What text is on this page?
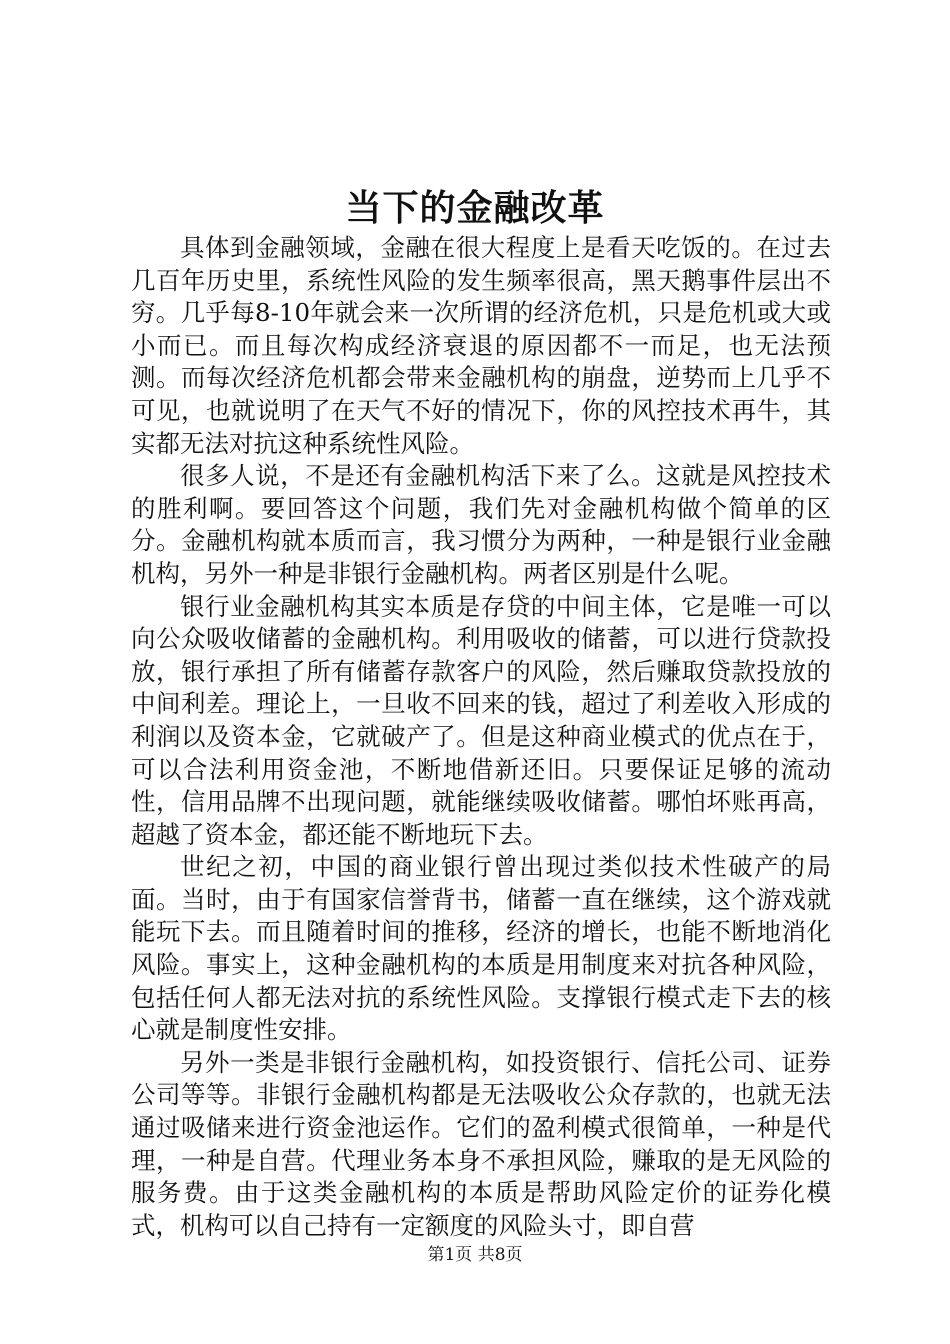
当下的金融改革

具体到金融领域，金融在很大程度上是看天吃饭的。在过去几百年历史里，系统性风险的发生频率很高，黑天鹅事件层出不穷。几乎每8-10年就会来一次所谓的经济危机，只是危机或大或小而已。而且每次构成经济衰退的原因都不一而足，也无法预测。而每次经济危机都会带来金融机构的崩盘，逆势而上几乎不可见，也就说明了在天气不好的情况下，你的风控技术再牛，其实都无法对抗这种系统性风险。

很多人说，不是还有金融机构活下来了么。这就是风控技术的胜利啊。要回答这个问题，我们先对金融机构做个简单的区分。金融机构就本质而言，我习惯分为两种，一种是银行业金融机构，另外一种是非银行金融机构。两者区别是什么呢。

银行业金融机构其实本质是存贷的中间主体，它是唯一可以向公众吸收储蓄的金融机构。利用吸收的储蓄，可以进行贷款投放，银行承担了所有储蓄存款客户的风险，然后赚取贷款投放的中间利差。理论上，一旦收不回来的钱，超过了利差收入形成的利润以及资本金，它就破产了。但是这种商业模式的优点在于，可以合法利用资金池，不断地借新还旧。只要保证足够的流动性，信用品牌不出现问题，就能继续吸收储蓄。哪怕坏账再高，超越了资本金，都还能不断地玩下去。

世纪之初，中国的商业银行曾出现过类似技术性破产的局面。当时，由于有国家信誉背书，储蓄一直在继续，这个游戏就能玩下去。而且随着时间的推移，经济的增长，也能不断地消化风险。事实上，这种金融机构的本质是用制度来对抗各种风险，包括任何人都无法对抗的系统性风险。支撑银行模式走下去的核心就是制度性安排。

另外一类是非银行金融机构，如投资银行、信托公司、证券公司等等。非银行金融机构都是无法吸收公众存款的，也就无法通过吸储来进行资金池运作。它们的盈利模式很简单，一种是代理，一种是自营。代理业务本身不承担风险，赚取的是无风险的服务费。由于这类金融机构的本质是帮助风险定价的证券化模式，机构可以自己持有一定额度的风险头寸，即自营

第1页 共8页
